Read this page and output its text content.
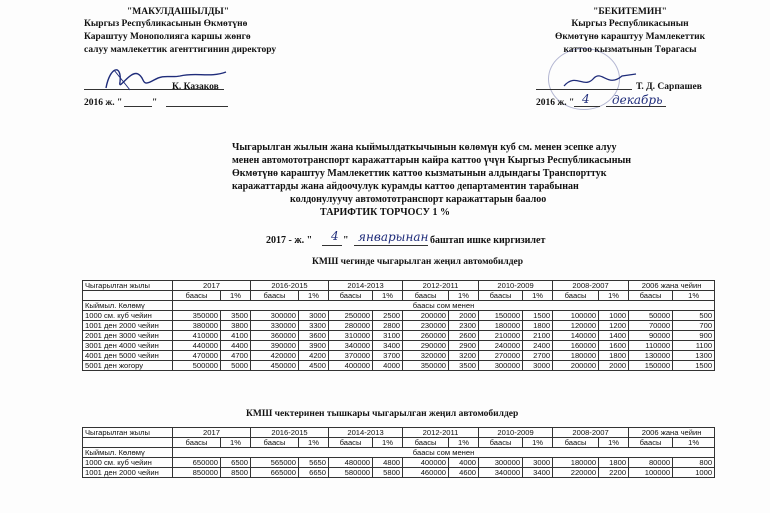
"МАКУЛДАШЫЛДЫ"
Кыргыз Республикасынын Өкмөтүнө
Караштуу Монополияга каршы жөнгө
салуу мамлекеттик агенттигинин директору
К. Казаков
2016 ж. "	"
"БЕКИТЕМИН"
Кыргыз Республикасынын
Өкмөтүнө караштуу Мамлекеттик
каттоо кызматынын Төрагасы
Т. Д. Сарпашев
2016 ж. " 4 декабрь
Чыгарылган жылын жана кыймылдаткычынын көлөмүн куб см. менен эсепке алуу
менен автомототранспорт каражаттарын кайра каттоо үчүн Кыргыз Республикасынын
Өкмөтүнө караштуу Мамлекеттик каттоо кызматынын алдындагы Транспорттук
каражаттарды жана айдоочулук курамды каттоо департаментин тарабынан
колдонулуучу автомототранспорт каражаттарын баалоо
ТАРИФТИК ТОРЧОСУ 1 %
2017 - ж. " 4 " январынан баштап ишке киргизилет
КМШ чегинде чыгарылган жеңил автомобилдер
Чыгарылган жылы	2017		2016-2015		2014-2013		2012-2011		2010-2009		2008-2007		2006 жана чейин	
	баасы	1%	баасы	1%	баасы	1%	баасы	1%	баасы	1%	баасы	1%	баасы	1%
Кыймыл. Көлөмү	баасы сом менен													
1000 см. куб чейин	350000	3500	300000	3000	250000	2500	200000	2000	150000	1500	100000	1000	50000	500
1001 ден 2000 чейин	380000	3800	330000	3300	280000	2800	230000	2300	180000	1800	120000	1200	70000	700
2001 ден 3000 чейин	410000	4100	360000	3600	310000	3100	260000	2600	210000	2100	140000	1400	90000	900
3001 ден 4000 чейин	440000	4400	390000	3900	340000	3400	290000	2900	240000	2400	160000	1600	110000	1100
4001 ден 5000 чейин	470000	4700	420000	4200	370000	3700	320000	3200	270000	2700	180000	1800	130000	1300
5001 ден жогору	500000	5000	450000	4500	400000	4000	350000	3500	300000	3000	200000	2000	150000	1500
КМШ чектеринен тышкары чыгарылган жеңил автомобилдер
Чыгарылган жылы	2017		2016-2015		2014-2013		2012-2011		2010-2009		2008-2007		2006 жана чейин	
	баасы	1%	баасы	1%	баасы	1%	баасы	1%	баасы	1%	баасы	1%	баасы	1%
Кыймыл. Көлөмү	баасы сом менен													
1000 см. куб чейин	650000	6500	565000	5650	480000	4800	400000	4000	300000	3000	180000	1800	80000	800
1001 ден 2000 чейин	850000	8500	665000	6650	580000	5800	460000	4600	340000	3400	220000	2200	100000	1000
